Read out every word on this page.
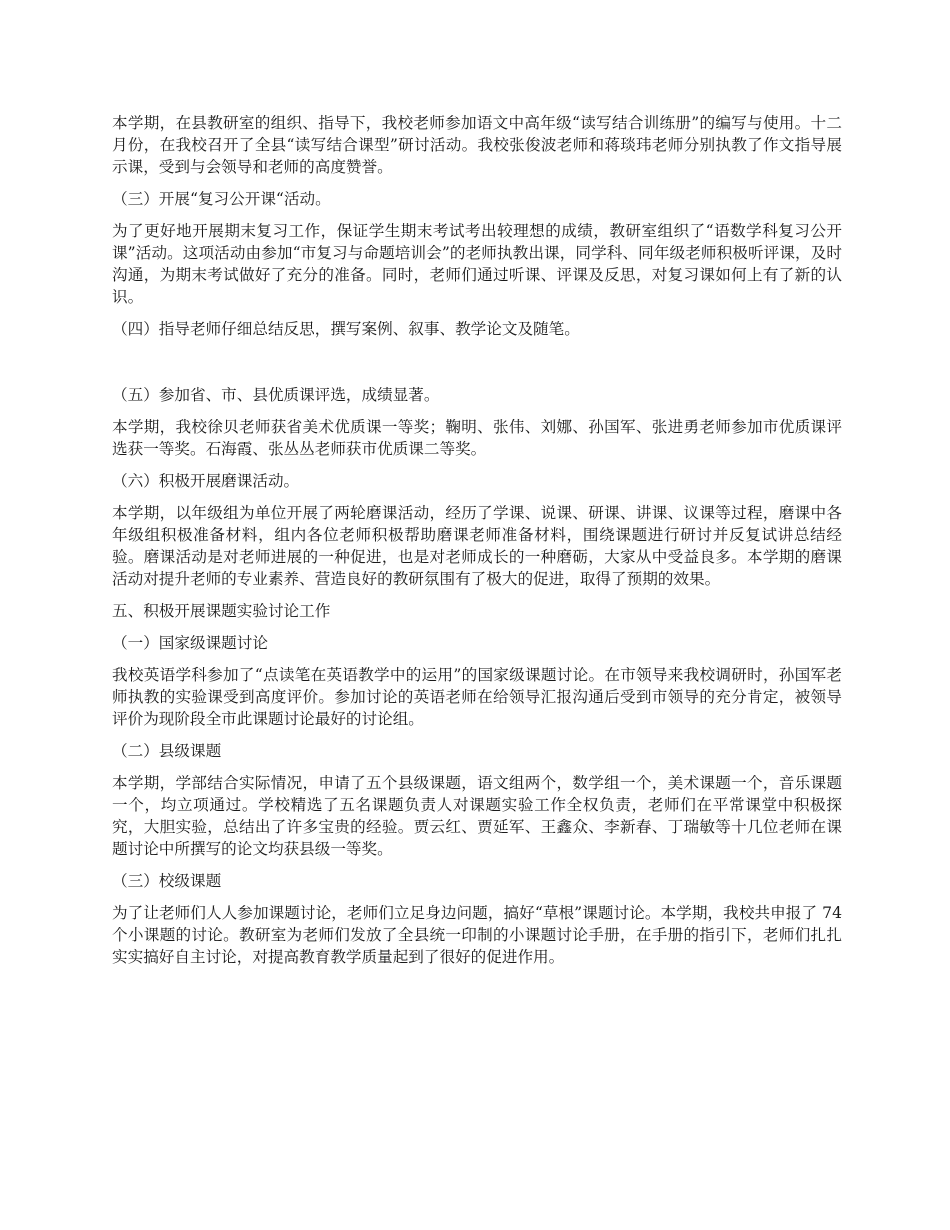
本学期，在县教研室的组织、指导下，我校老师参加语文中高年级“读写结合训练册”的编写与使用。十二月份，在我校召开了全县“读写结合课型”研讨活动。我校张俊波老师和蒋琰玮老师分别执教了作文指导展示课，受到与会领导和老师的高度赞誉。

（三）开展“复习公开课“活动。

为了更好地开展期末复习工作，保证学生期末考试考出较理想的成绩，教研室组织了“语数学科复习公开课”活动。这项活动由参加“市复习与命题培训会”的老师执教出课，同学科、同年级老师积极听评课，及时沟通，为期末考试做好了充分的准备。同时，老师们通过听课、评课及反思，对复习课如何上有了新的认识。

（四）指导老师仔细总结反思，撰写案例、叙事、教学论文及随笔。

（五）参加省、市、县优质课评选，成绩显著。

本学期，我校徐贝老师获省美术优质课一等奖；鞠明、张伟、刘娜、孙国军、张进勇老师参加市优质课评选获一等奖。石海霞、张丛丛老师获市优质课二等奖。

（六）积极开展磨课活动。

本学期，以年级组为单位开展了两轮磨课活动，经历了学课、说课、研课、讲课、议课等过程，磨课中各年级组积极准备材料，组内各位老师积极帮助磨课老师准备材料，围绕课题进行研讨并反复试讲总结经验。磨课活动是对老师进展的一种促进，也是对老师成长的一种磨砺，大家从中受益良多。本学期的磨课活动对提升老师的专业素养、营造良好的教研氛围有了极大的促进，取得了预期的效果。

五、积极开展课题实验讨论工作

（一）国家级课题讨论

我校英语学科参加了“点读笔在英语教学中的运用”的国家级课题讨论。在市领导来我校调研时，孙国军老师执教的实验课受到高度评价。参加讨论的英语老师在给领导汇报沟通后受到市领导的充分肯定，被领导评价为现阶段全市此课题讨论最好的讨论组。

（二）县级课题

本学期，学部结合实际情况，申请了五个县级课题，语文组两个，数学组一个，美术课题一个，音乐课题一个，均立项通过。学校精选了五名课题负责人对课题实验工作全权负责，老师们在平常课堂中积极探究，大胆实验，总结出了许多宝贵的经验。贾云红、贾延军、王鑫众、李新春、丁瑞敏等十几位老师在课题讨论中所撰写的论文均获县级一等奖。

（三）校级课题

为了让老师们人人参加课题讨论，老师们立足身边问题，搞好“草根”课题讨论。本学期，我校共申报了 74 个小课题的讨论。教研室为老师们发放了全县统一印制的小课题讨论手册，在手册的指引下，老师们扎扎实实搞好自主讨论，对提高教育教学质量起到了很好的促进作用。
